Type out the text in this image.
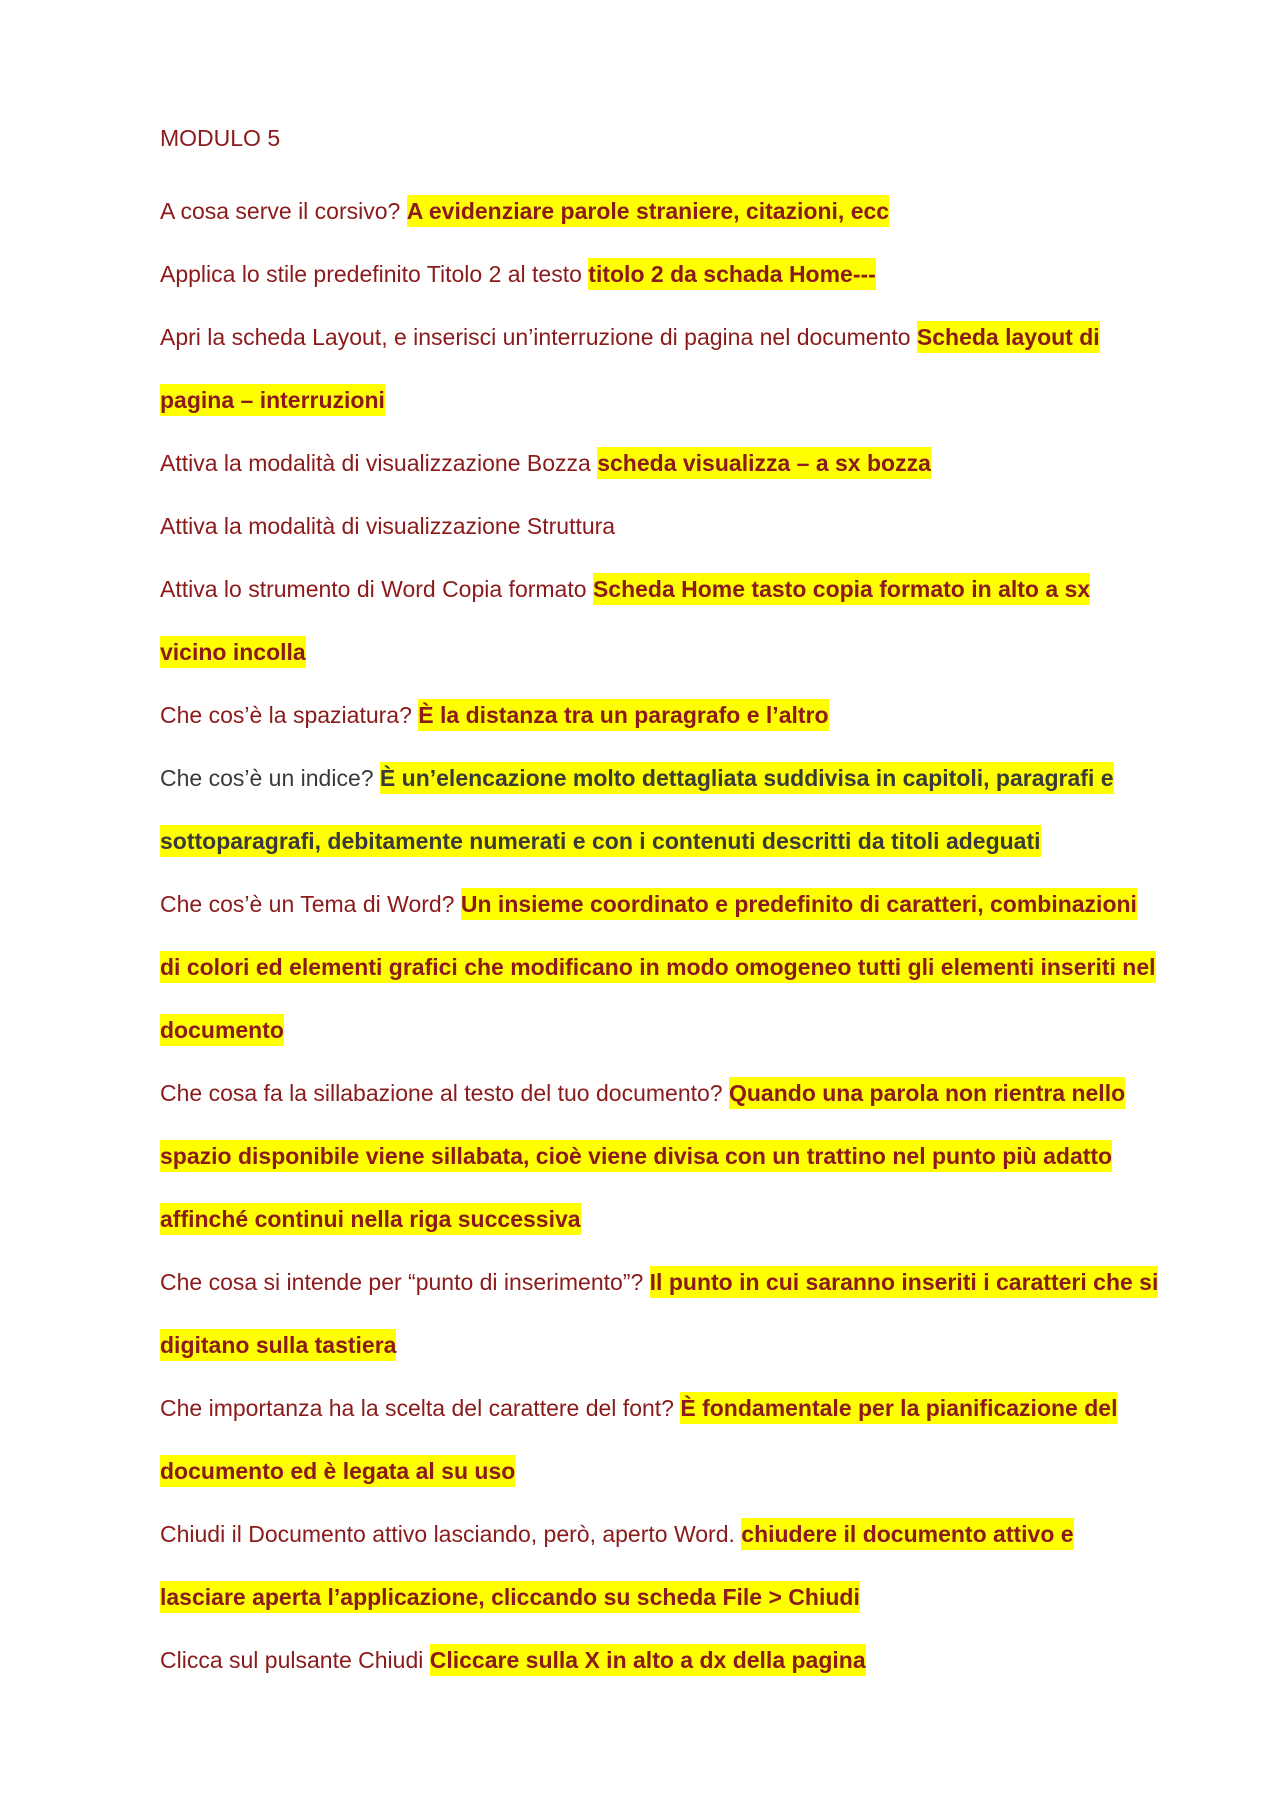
MODULO 5
A cosa serve il corsivo? A evidenziare parole straniere, citazioni, ecc
Applica lo stile predefinito Titolo 2 al testo titolo 2 da schada Home---
Apri la scheda Layout, e inserisci un’interruzione di pagina nel documento Scheda layout di pagina – interruzioni
Attiva la modalità di visualizzazione Bozza scheda visualizza – a sx bozza
Attiva la modalità di visualizzazione Struttura
Attiva lo strumento di Word Copia formato Scheda Home tasto copia formato in alto a sx vicino incolla
Che cos’è la spaziatura? È la distanza tra un paragrafo e l’altro
Che cos’è un indice? È un’elencazione molto dettagliata suddivisa in capitoli, paragrafi e sottoparagrafi, debitamente numerati e con i contenuti descritti da titoli adeguati
Che cos’è un Tema di Word? Un insieme coordinato e predefinito di caratteri, combinazioni di colori ed elementi grafici che modificano in modo omogeneo tutti gli elementi inseriti nel documento
Che cosa fa la sillabazione al testo del tuo documento? Quando una parola non rientra nello spazio disponibile viene sillabata, cioè viene divisa con un trattino nel punto più adatto affinché continui nella riga successiva
Che cosa si intende per “punto di inserimento”? Il punto in cui saranno inseriti i caratteri che si digitano sulla tastiera
Che importanza ha la scelta del carattere del font? È fondamentale per la pianificazione del documento ed è legata al su uso
Chiudi il Documento attivo lasciando, però, aperto Word. chiudere il documento attivo e lasciare aperta l’applicazione, cliccando su scheda File > Chiudi
Clicca sul pulsante Chiudi Cliccare sulla X in alto a dx della pagina
